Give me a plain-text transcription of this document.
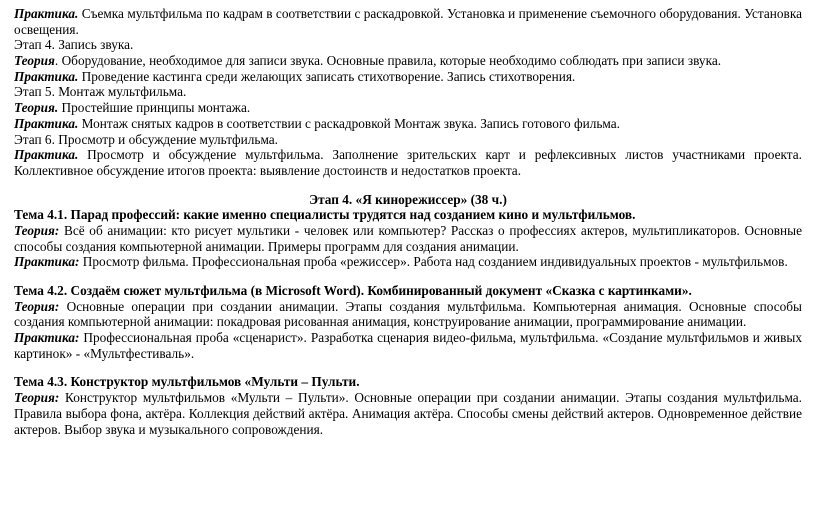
Практика. Съемка мультфильма по кадрам в соответствии с раскадровкой. Установка и применение съемочного оборудования. Установка освещения.

Этап 4. Запись звука.

Теория. Оборудование, необходимое для записи звука. Основные правила, которые необходимо соблюдать при записи звука.

Практика. Проведение кастинга среди желающих записать стихотворение. Запись стихотворения.

Этап 5. Монтаж мультфильма.

Теория. Простейшие принципы монтажа.

Практика. Монтаж снятых кадров в соответствии с раскадровкой Монтаж звука. Запись готового фильма.

Этап 6. Просмотр и обсуждение мультфильма.

Практика. Просмотр и обсуждение мультфильма. Заполнение зрительских карт и рефлексивных листов участниками проекта. Коллективное обсуждение итогов проекта: выявление достоинств и недостатков проекта.

Этап 4. «Я кинорежиссер» (38 ч.)

Тема 4.1. Парад профессий: какие именно специалисты трудятся над созданием кино и мультфильмов.

Теория: Всё об анимации: кто рисует мультики - человек или компьютер? Рассказ о профессиях актеров, мультипликаторов. Основные способы создания компьютерной анимации. Примеры программ для создания анимации.

Практика: Просмотр фильма. Профессиональная проба «режиссер». Работа над созданием индивидуальных проектов - мультфильмов.

Тема 4.2. Создаём сюжет мультфильма (в Microsoft Word). Комбинированный документ «Сказка с картинками».

Теория: Основные операции при создании анимации. Этапы создания мультфильма. Компьютерная анимация. Основные способы создания компьютерной анимации: покадровая рисованная анимация, конструирование анимации, программирование анимации.

Практика: Профессиональная проба «сценарист». Разработка сценария видео-фильма, мультфильма. «Создание мультфильмов и живых картинок» - «Мультфестиваль».

Тема 4.3. Конструктор мультфильмов «Мульти – Пульти.

Теория: Конструктор мультфильмов «Мульти – Пульти». Основные операции при создании анимации. Этапы создания мультфильма. Правила выбора фона, актёра. Коллекция действий актёра. Анимация актёра. Способы смены действий актеров. Одновременное действие актеров. Выбор звука и музыкального сопровождения.
